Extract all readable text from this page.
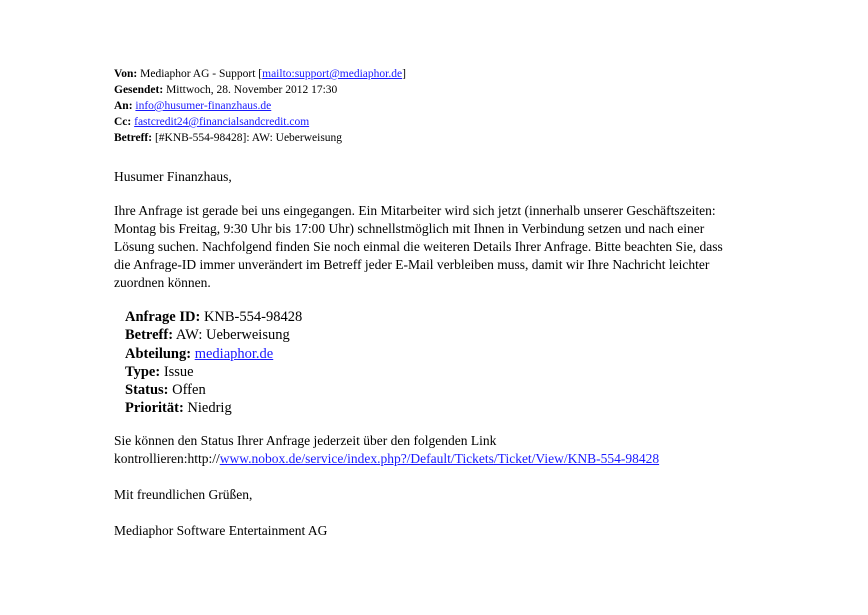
Von: Mediaphor AG - Support [mailto:support@mediaphor.de]
Gesendet: Mittwoch, 28. November 2012 17:30
An: info@husumer-finanzhaus.de
Cc: fastcredit24@financialsandcredit.com
Betreff: [#KNB-554-98428]: AW: Ueberweisung
Husumer Finanzhaus,
Ihre Anfrage ist gerade bei uns eingegangen. Ein Mitarbeiter wird sich jetzt (innerhalb unserer Geschäftszeiten:
Montag bis Freitag, 9:30 Uhr bis 17:00 Uhr) schnellstmöglich mit Ihnen in Verbindung setzen und nach einer
Lösung suchen. Nachfolgend finden Sie noch einmal die weiteren Details Ihrer Anfrage. Bitte beachten Sie, dass
die Anfrage-ID immer unverändert im Betreff jeder E-Mail verbleiben muss, damit wir Ihre Nachricht leichter
zuordnen können.
Anfrage ID: KNB-554-98428
Betreff: AW: Ueberweisung
Abteilung: mediaphor.de
Type: Issue
Status: Offen
Priorität: Niedrig
Sie können den Status Ihrer Anfrage jederzeit über den folgenden Link
kontrollieren:http://www.nobox.de/service/index.php?/Default/Tickets/Ticket/View/KNB-554-98428
Mit freundlichen Grüßen,
Mediaphor Software Entertainment AG
